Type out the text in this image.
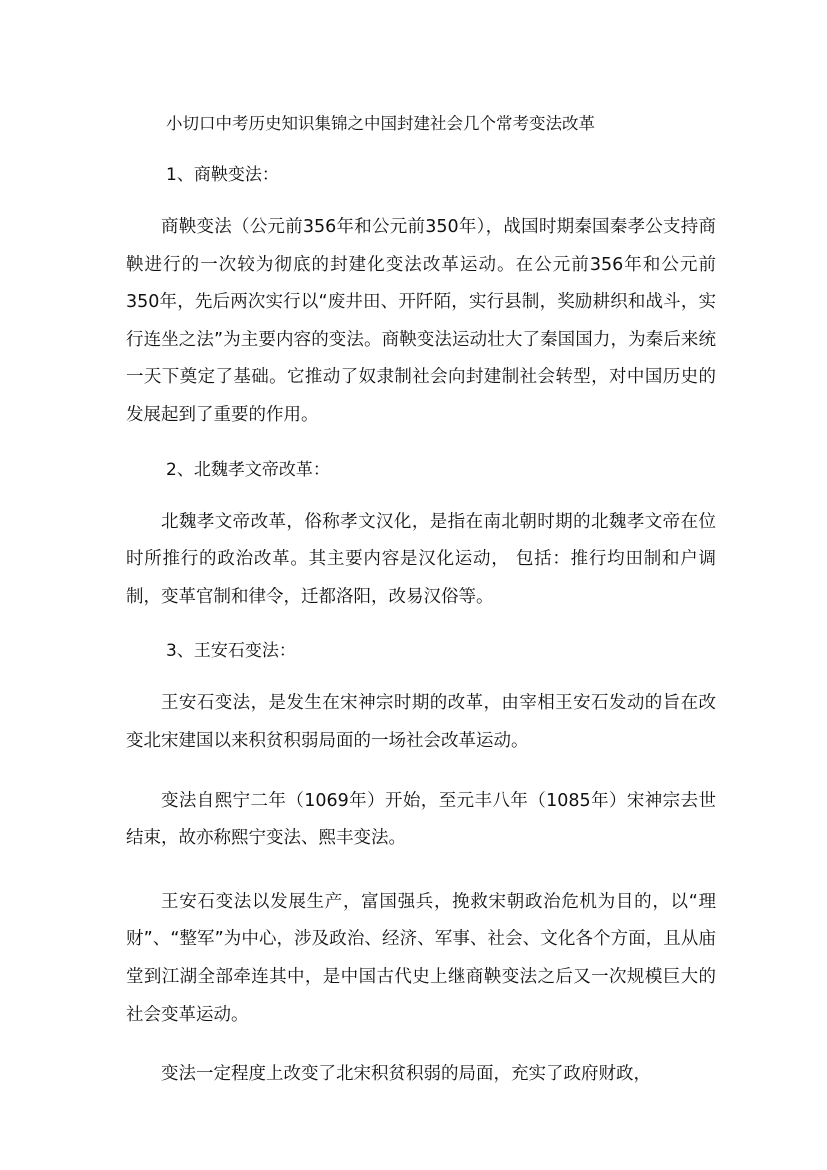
小切口中考历史知识集锦之中国封建社会几个常考变法改革
1、商鞅变法：

商鞅变法（公元前356年和公元前350年），战国时期秦国秦孝公支持商鞅进行的一次较为彻底的封建化变法改革运动。在公元前356年和公元前 350年，先后两次实行以“废井田、开阡陌，实行县制，奖励耕织和战斗，实行连坐之法”为主要内容的变法。商鞅变法运动壮大了秦国国力，为秦后来统一天下奠定了基础。它推动了奴隶制社会向封建制社会转型，对中国历史的发展起到了重要的作用。

2、北魏孝文帝改革：

北魏孝文帝改革，俗称孝文汉化，是指在南北朝时期的北魏孝文帝在位时所推行的政治改革。其主要内容是汉化运动， 包括：推行均田制和户调制，变革官制和律令，迁都洛阳，改易汉俗等。

3、王安石变法：

王安石变法，是发生在宋神宗时期的改革，由宰相王安石发动的旨在改变北宋建国以来积贫积弱局面的一场社会改革运动。

变法自熙宁二年（1069年）开始，至元丰八年（1085年）宋神宗去世结束，故亦称熙宁变法、熙丰变法。

王安石变法以发展生产，富国强兵，挽救宋朝政治危机为目的，以“理财”、“整军”为中心，涉及政治、经济、军事、社会、文化各个方面，且从庙堂到江湖全部牵连其中，是中国古代史上继商鞅变法之后又一次规模巨大的社会变革运动。

变法一定程度上改变了北宋积贫积弱的局面，充实了政府财政，
